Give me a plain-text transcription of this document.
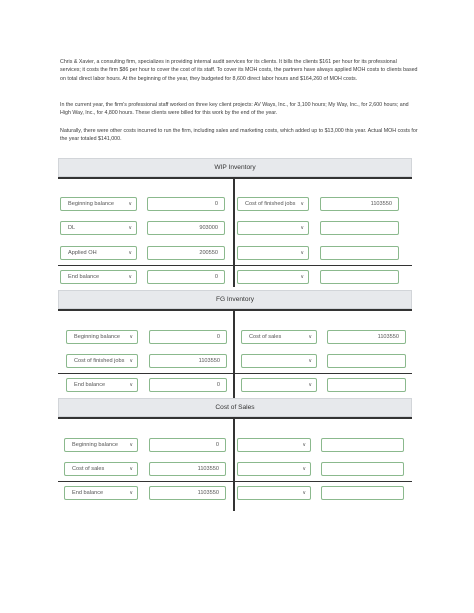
Chris & Xavier, a consulting firm, specializes in providing internal audit services for its clients. It bills the clients $161 per hour for its professional services; it costs the firm $86 per hour to cover the cost of its staff. To cover its MOH costs, the partners have always applied MOH costs to clients based on total direct labor hours. At the beginning of the year, they budgeted for 8,600 direct labor hours and $164,260 of MOH costs.

In the current year, the firm's professional staff worked on three key client projects: AV Ways, Inc., for 3,100 hours; My Way, Inc., for 2,600 hours; and High Way, Inc., for 4,800 hours. These clients were billed for this work by the end of the year.

Naturally, there were other costs incurred to run the firm, including sales and marketing costs, which added up to $13,000 this year. Actual MOH costs for the year totaled $141,000.

WIP Inventory
Beginning balance	∨	0	Cost of finished jobs ∨	1103550
DL	∨	903000	∨
Applied OH	∨	200550	∨
End balance	∨	0	∨
FG Inventory
Beginning balance ∨	0	Cost of sales	∨	1103550
Cost of finished jobs ∨	1103550	∨
End balance	∨	0	∨
Cost of Sales
Beginning balance ∨	0	∨
Cost of sales	∨	1103550	∨
End balance	∨	1103550	∨
